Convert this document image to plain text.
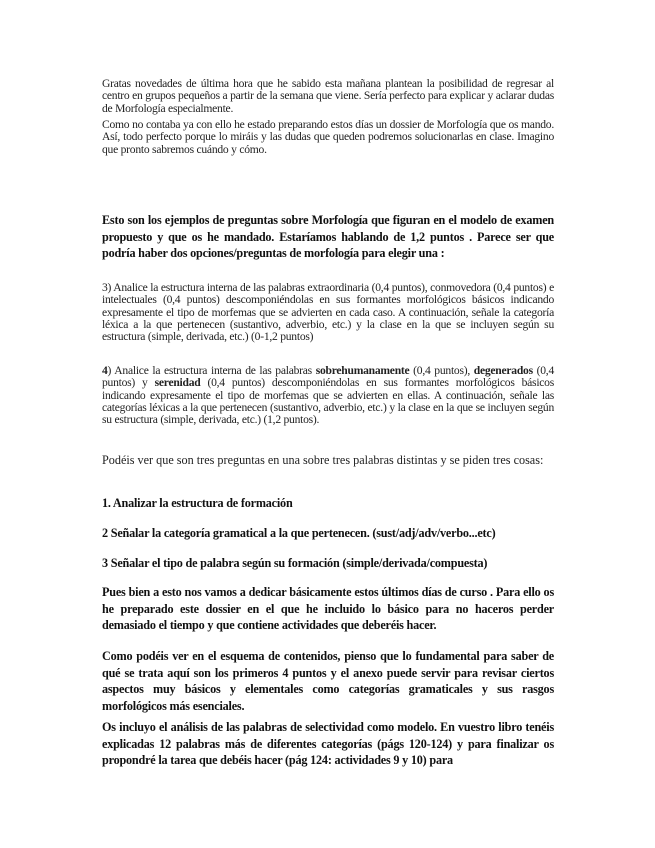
Gratas novedades de última hora que he sabido esta mañana plantean la posibilidad de regresar al centro en grupos pequeños a partir de la semana que viene. Sería perfecto para explicar y aclarar dudas de Morfología especialmente.

Como no contaba ya con ello he estado preparando estos días un dossier de Morfología que os mando. Así, todo perfecto porque lo miráis y las dudas que queden podremos solucionarlas en clase. Imagino que pronto sabremos cuándo y cómo.

Esto son los ejemplos de preguntas sobre Morfología que figuran en el modelo de examen propuesto y que os he mandado. Estaríamos hablando de 1,2 puntos . Parece ser que podría haber dos opciones/preguntas de morfología para elegir una :

3) Analice la estructura interna de las palabras extraordinaria (0,4 puntos), conmovedora (0,4 puntos) e intelectuales (0,4 puntos) descomponiéndolas en sus formantes morfológicos básicos indicando expresamente el tipo de morfemas que se advierten en cada caso. A continuación, señale la categoría léxica a la que pertenecen (sustantivo, adverbio, etc.) y la clase en la que se incluyen según su estructura (simple, derivada, etc.) (0-1,2 puntos)

4) Analice la estructura interna de las palabras sobrehumanamente (0,4 puntos), degenerados (0,4 puntos) y serenidad (0,4 puntos) descomponiéndolas en sus formantes morfológicos básicos indicando expresamente el tipo de morfemas que se advierten en ellas. A continuación, señale las categorías léxicas a la que pertenecen (sustantivo, adverbio, etc.) y la clase en la que se incluyen según su estructura (simple, derivada, etc.) (1,2 puntos).

Podéis ver que son tres preguntas en una sobre tres palabras distintas y se piden tres cosas:

1. Analizar la estructura de formación

2 Señalar la categoría gramatical a la que pertenecen. (sust/adj/adv/verbo...etc)

3 Señalar el tipo de palabra según su formación (simple/derivada/compuesta)

Pues bien a esto nos vamos a dedicar básicamente estos últimos días de curso . Para ello os he preparado este dossier en el que he incluido lo básico para no haceros perder demasiado el tiempo y que contiene actividades que deberéis hacer.

Como podéis ver en el esquema de contenidos, pienso que lo fundamental para saber de qué se trata aquí son los primeros 4 puntos y el anexo puede servir para revisar ciertos aspectos muy básicos y elementales como categorías gramaticales y sus rasgos morfológicos más esenciales.

Os incluyo el análisis de las palabras de selectividad como modelo. En vuestro libro tenéis explicadas 12 palabras más de diferentes categorías (págs 120-124) y para finalizar os propondré la tarea que debéis hacer (pág 124: actividades 9 y 10) para
